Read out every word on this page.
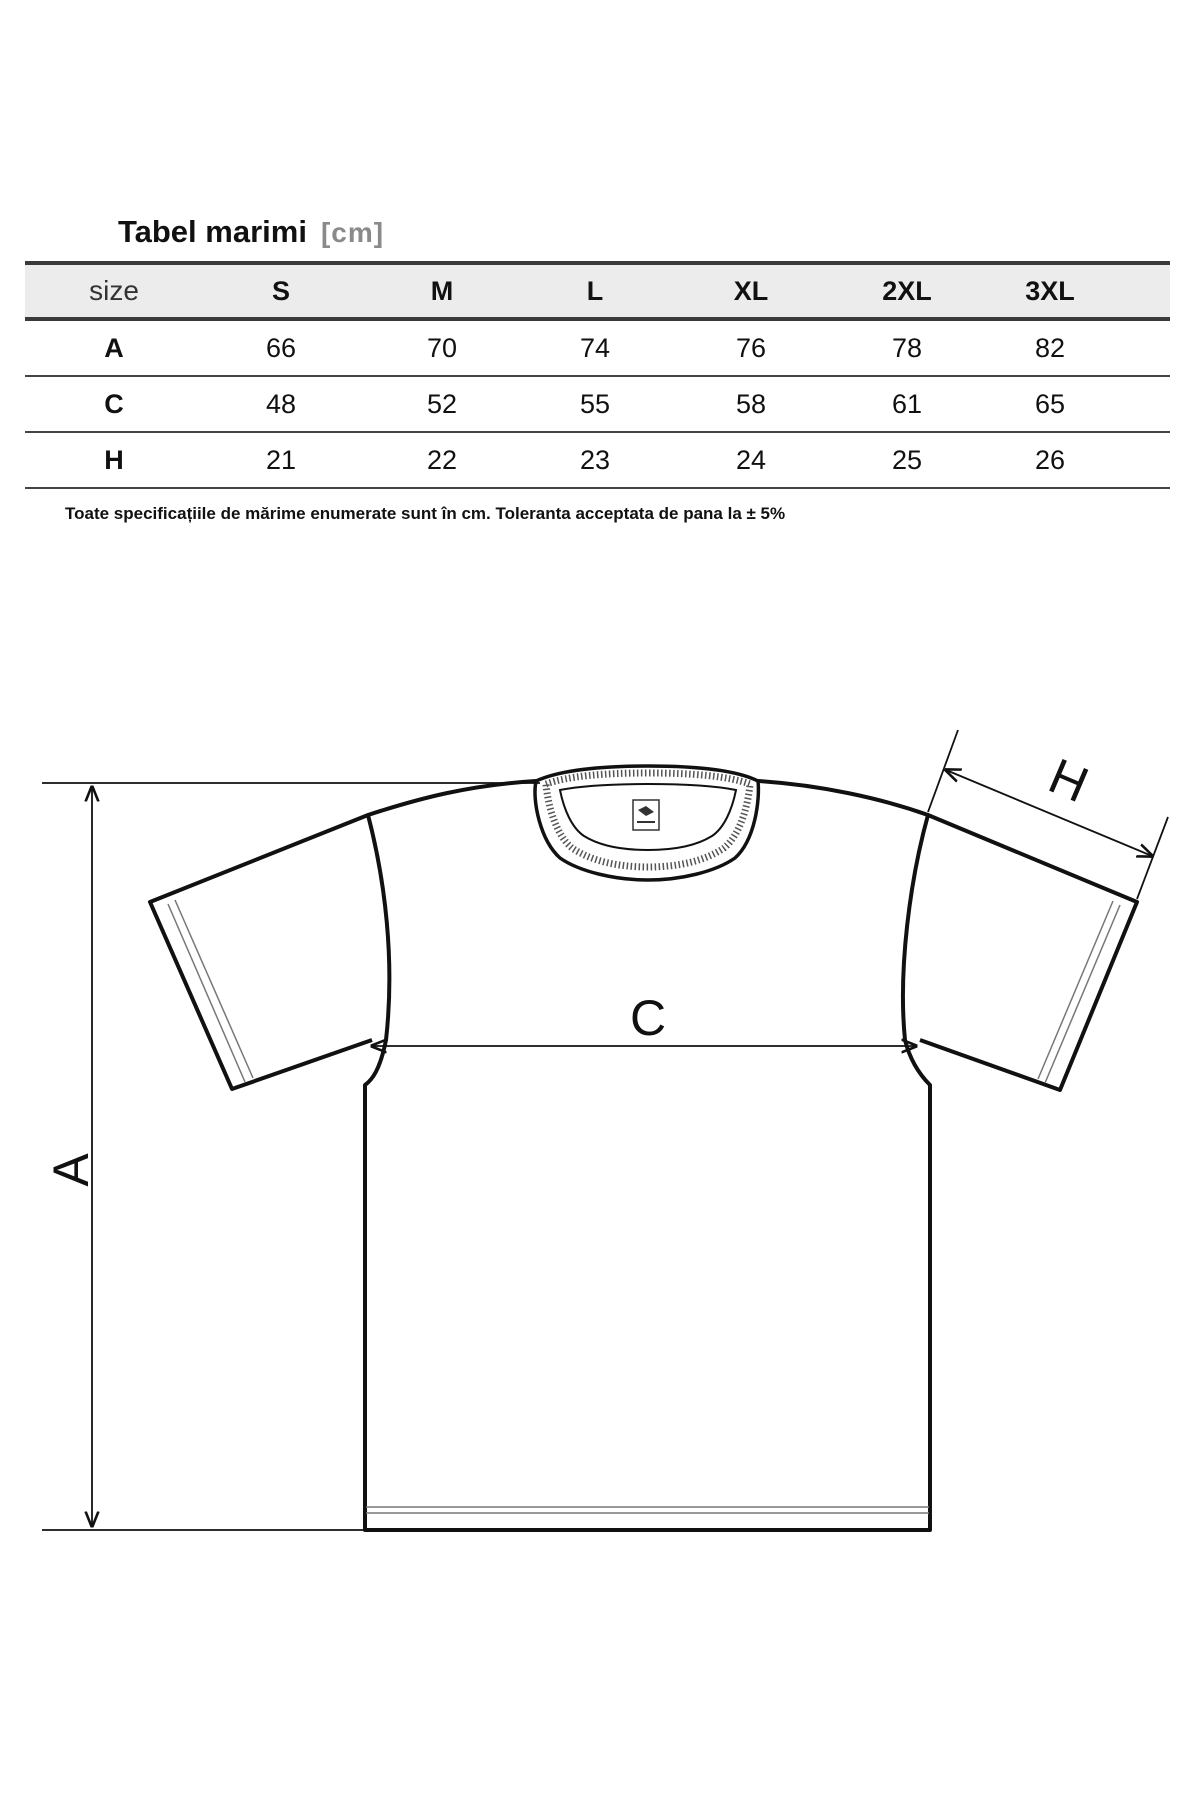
Tabel marimi [cm]
size	S	M	L	XL	2XL	3XL
A	66	70	74	76	78	82
C	48	52	55	58	61	65
H	21	22	23	24	25	26
Toate specificațiile de mărime enumerate sunt în cm. Toleranta acceptata de pana la ± 5%
A
C
H
